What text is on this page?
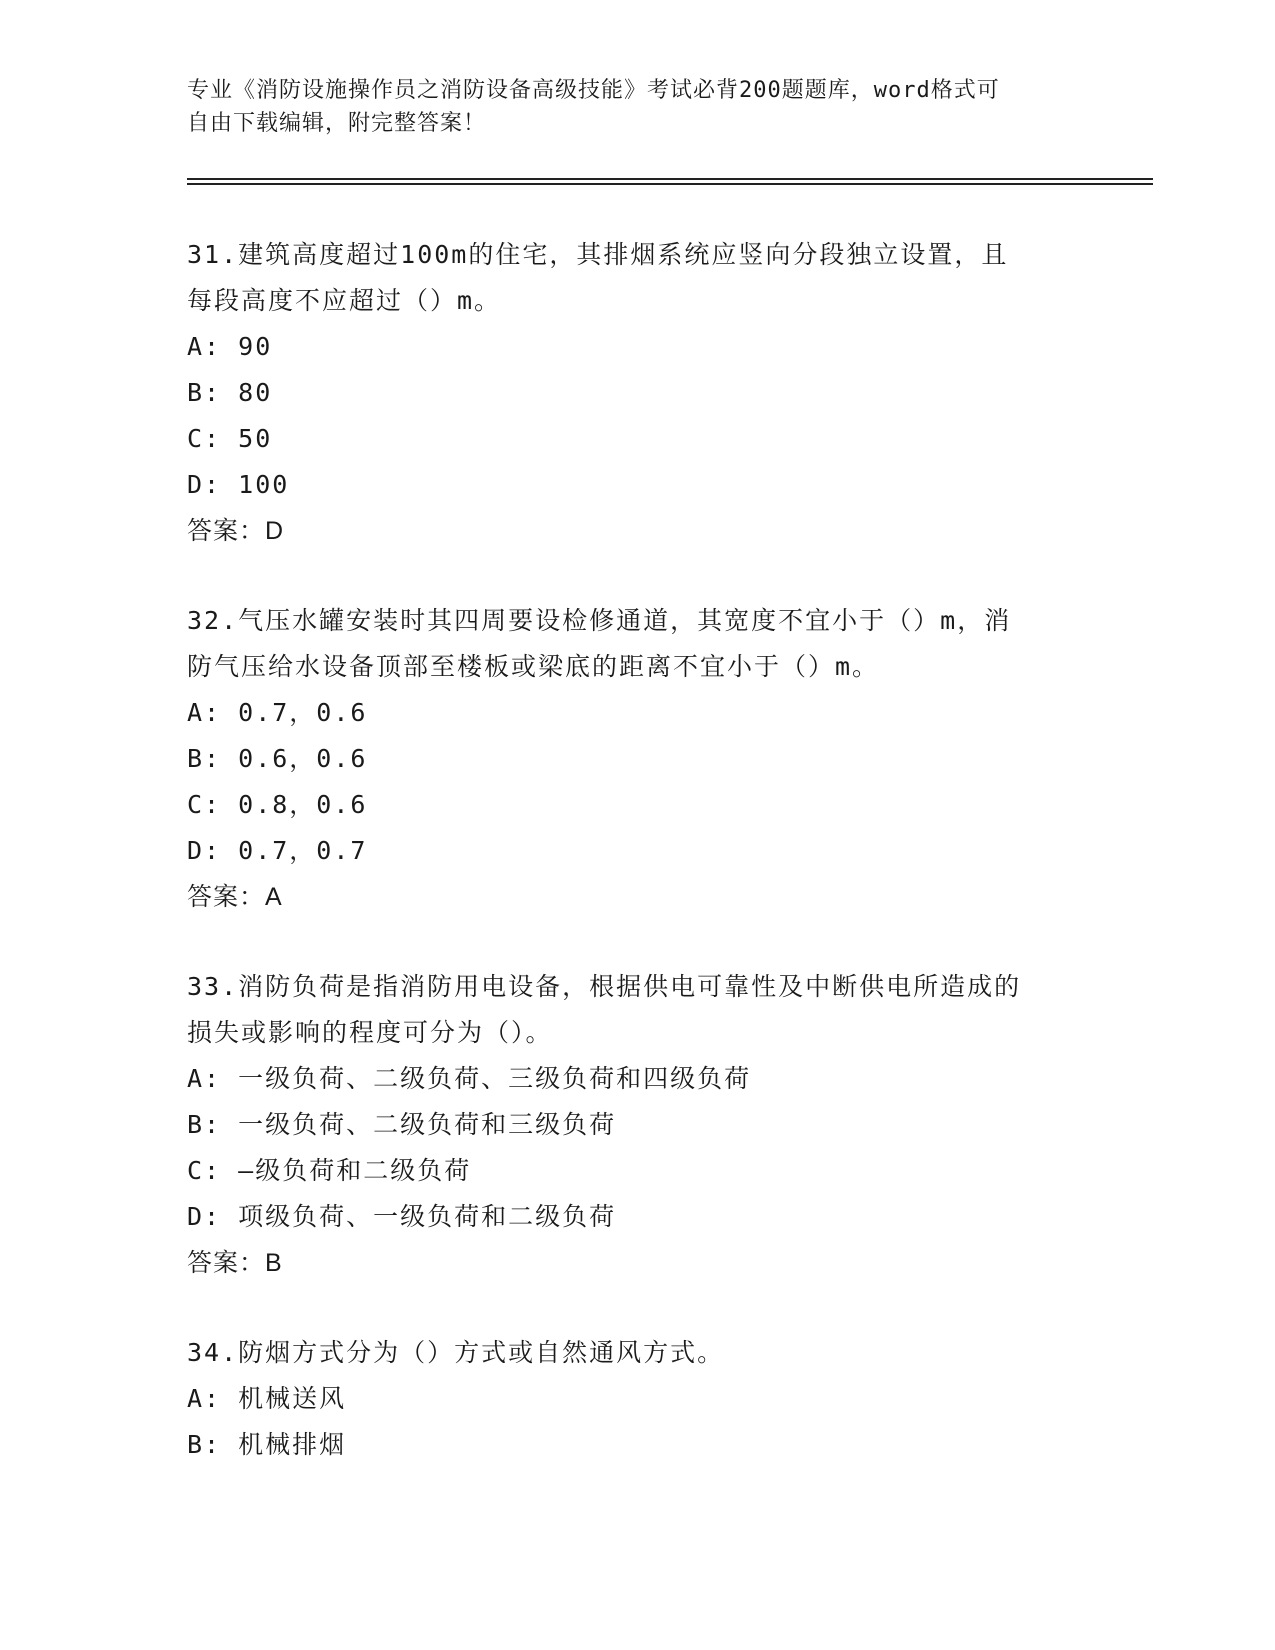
专业《消防设施操作员之消防设备高级技能》考试必背200题题库，word格式可
自由下载编辑，附完整答案！
31.建筑高度超过100m的住宅，其排烟系统应竖向分段独立设置，且
每段高度不应超过（）m。
A: 90
B: 80
C: 50
D: 100
答案：D
32.气压水罐安装时其四周要设检修通道，其宽度不宜小于（）m，消
防气压给水设备顶部至楼板或梁底的距离不宜小于（）m。
A: 0.7，0.6
B: 0.6，0.6
C: 0.8，0.6
D: 0.7，0.7
答案：A
33.消防负荷是指消防用电设备，根据供电可靠性及中断供电所造成的
损失或影响的程度可分为（）。
A: 一级负荷、二级负荷、三级负荷和四级负荷
B: 一级负荷、二级负荷和三级负荷
C: —级负荷和二级负荷
D: 项级负荷、一级负荷和二级负荷
答案：B
34.防烟方式分为（）方式或自然通风方式。
A: 机械送风
B: 机械排烟
